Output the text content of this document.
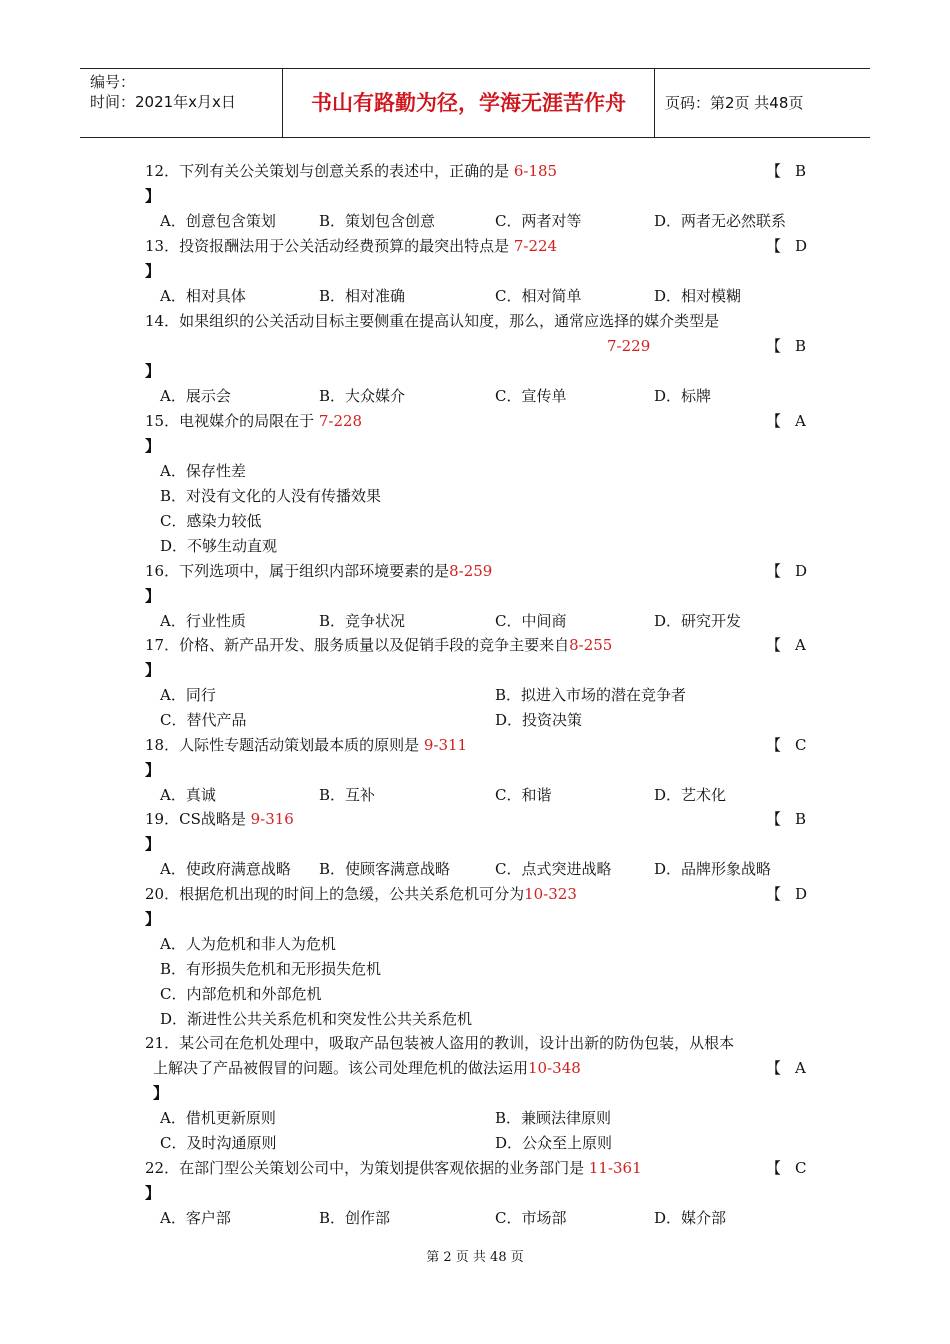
编号：
时间：2021年x月x日	书山有路勤为径，学海无涯苦作舟	页码：第2页 共48页
12．下列有关公关策划与创意关系的表述中，正确的是 6-185	【 B
】
A．创意包含策划	B．策划包含创意	C．两者对等	D．两者无必然联系
13．投资报酬法用于公关活动经费预算的最突出特点是 7-224	【 D
】
A．相对具体	B．相对准确	C．相对简单	D．相对模糊
14．如果组织的公关活动目标主要侧重在提高认知度，那么，通常应选择的媒介类型是
7-229	【 B
】
A．展示会	B．大众媒介	C．宣传单	D．标牌
15．电视媒介的局限在于 7-228	【 A
】
A．保存性差
B．对没有文化的人没有传播效果
C．感染力较低
D．不够生动直观
16．下列选项中，属于组织内部环境要素的是8-259	【 D
】
A．行业性质	B．竞争状况	C．中间商	D．研究开发
17．价格、新产品开发、服务质量以及促销手段的竞争主要来自8-255	【 A
】
A．同行	B．拟进入市场的潜在竞争者
C．替代产品	D．投资决策
18．人际性专题活动策划最本质的原则是 9-311	【 C
】
A．真诚	B．互补	C．和谐	D．艺术化
19．CS战略是 9-316	【 B
】
A．使政府满意战略 B．使顾客满意战略	C．点式突进战略	D．品牌形象战略
20．根据危机出现的时间上的急缓，公共关系危机可分为10-323	【 D
】
A．人为危机和非人为危机
B．有形损失危机和无形损失危机
C．内部危机和外部危机
D．渐进性公共关系危机和突发性公共关系危机
21．某公司在危机处理中，吸取产品包装被人盗用的教训，设计出新的防伪包装，从根本
上解决了产品被假冒的问题。该公司处理危机的做法运用10-348	【 A
】
A．借机更新原则	B．兼顾法律原则
C．及时沟通原则	D．公众至上原则
22．在部门型公关策划公司中，为策划提供客观依据的业务部门是 11-361	【 C
】
A．客户部	B．创作部	C．市场部	D．媒介部
第 2 页 共 48 页
